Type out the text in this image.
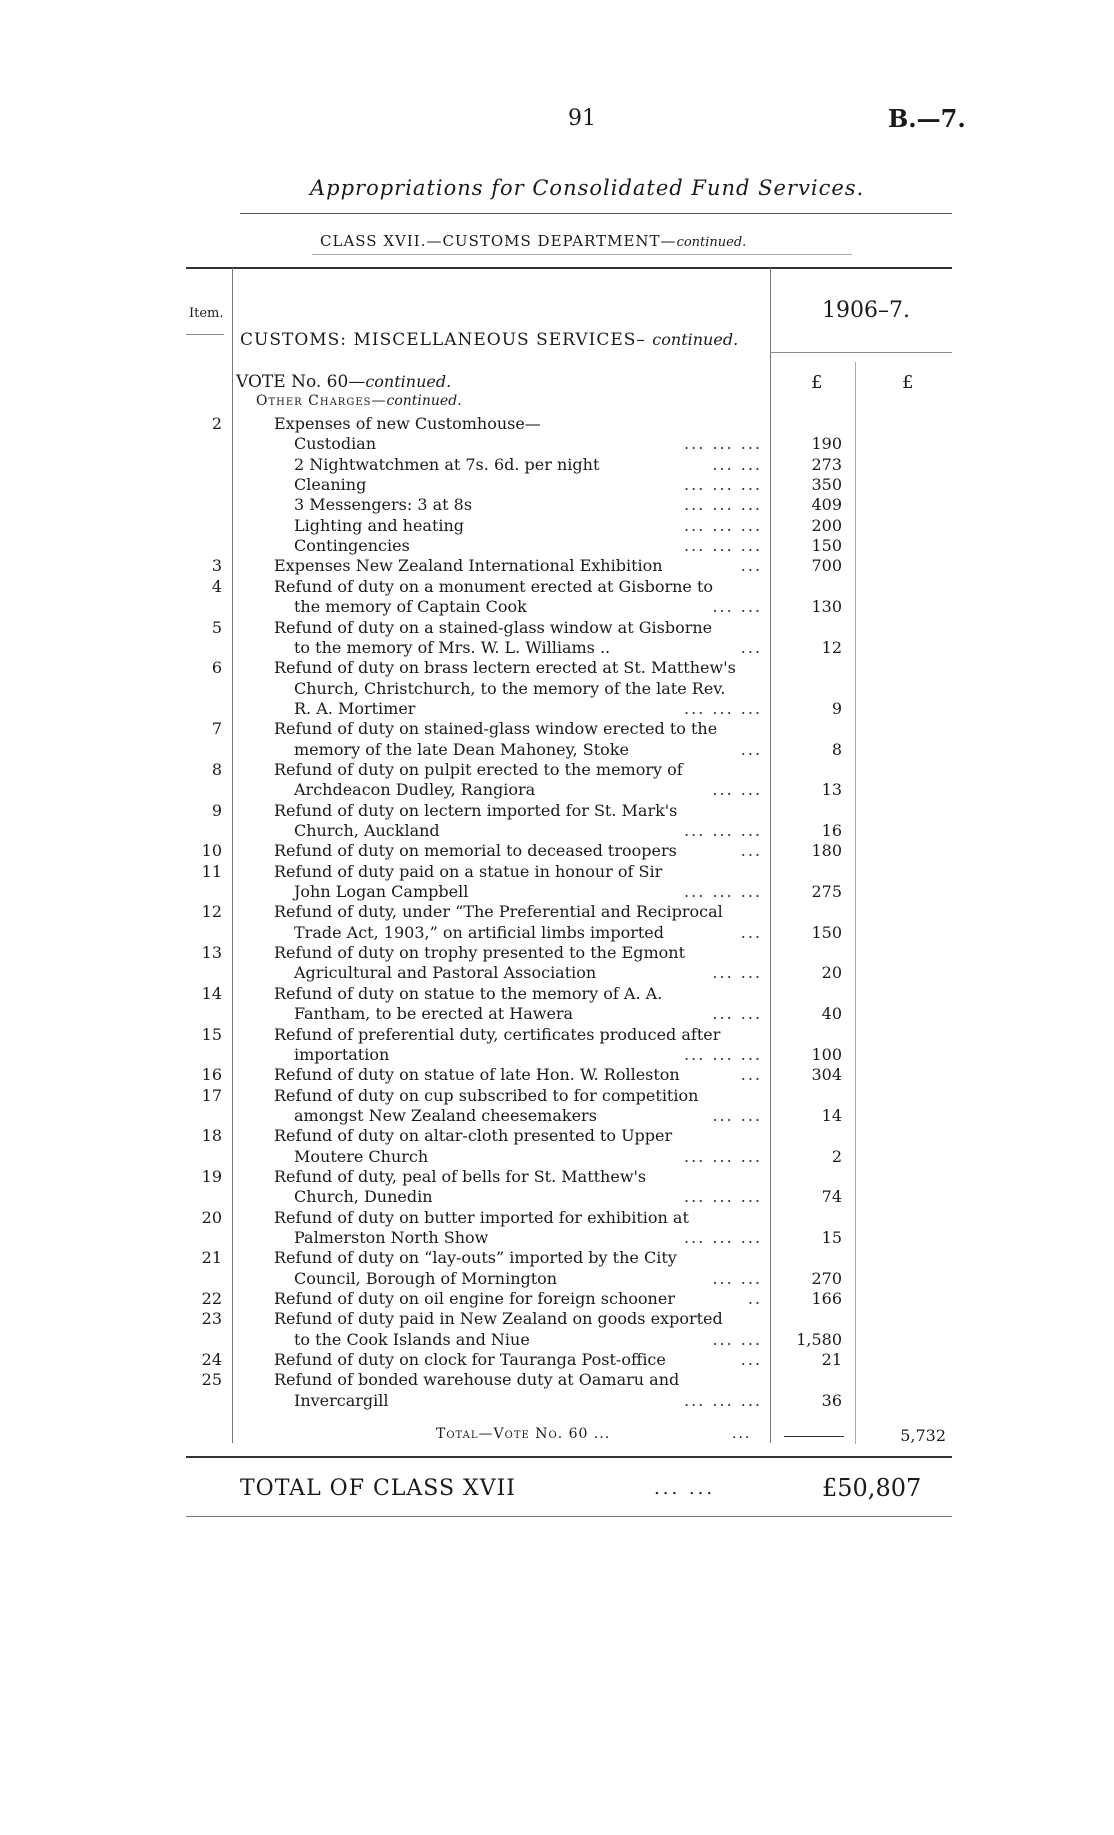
91	B.—7.
Appropriations for Consolidated Fund Services.
CLASS XVII.—CUSTOMS DEPARTMENT—continued.
Item.	1906–7.
CUSTOMS: MISCELLANEOUS SERVICES– continued.
VOTE No. 60—continued.	£	£
Other Charges—continued.
2	Expenses of new Customhouse—
Custodian	... ... ...	190
2 Nightwatchmen at 7s. 6d. per night	... ...	273
Cleaning	... ... ...	350
3 Messengers: 3 at 8s	... ... ...	409
Lighting and heating	... ... ...	200
Contingencies	... ... ...	150
3	Expenses New Zealand International Exhibition	...	700
4	Refund of duty on a monument erected at Gisborne to
the memory of Captain Cook	... ...	130
5	Refund of duty on a stained-glass window at Gisborne
to the memory of Mrs. W. L. Williams ..	...	12
6	Refund of duty on brass lectern erected at St. Matthew's
Church, Christchurch, to the memory of the late Rev.
R. A. Mortimer	... ... ...	9
7	Refund of duty on stained-glass window erected to the
memory of the late Dean Mahoney, Stoke	...	8
8	Refund of duty on pulpit erected to the memory of
Archdeacon Dudley, Rangiora	... ...	13
9	Refund of duty on lectern imported for St. Mark's
Church, Auckland	... ... ...	16
10	Refund of duty on memorial to deceased troopers	...	180
11	Refund of duty paid on a statue in honour of Sir
John Logan Campbell	... ... ...	275
12	Refund of duty, under “The Preferential and Reciprocal
Trade Act, 1903,” on artificial limbs imported	...	150
13	Refund of duty on trophy presented to the Egmont
Agricultural and Pastoral Association	... ...	20
14	Refund of duty on statue to the memory of A. A.
Fantham, to be erected at Hawera	... ...	40
15	Refund of preferential duty, certificates produced after
importation	... ... ...	100
16	Refund of duty on statue of late Hon. W. Rolleston	...	304
17	Refund of duty on cup subscribed to for competition
amongst New Zealand cheesemakers	... ...	14
18	Refund of duty on altar-cloth presented to Upper
Moutere Church	... ... ...	2
19	Refund of duty, peal of bells for St. Matthew's
Church, Dunedin	... ... ...	74
20	Refund of duty on butter imported for exhibition at
Palmerston North Show	... ... ...	15
21	Refund of duty on “lay-outs” imported by the City
Council, Borough of Mornington	... ...	270
22	Refund of duty on oil engine for foreign schooner	..	166
23	Refund of duty paid in New Zealand on goods exported
to the Cook Islands and Niue	... ...	1,580
24	Refund of duty on clock for Tauranga Post-office	...	21
25	Refund of bonded warehouse duty at Oamaru and
Invercargill	... ... ...	36
Total—Vote No. 60 ...	...	5,732
TOTAL OF CLASS XVII	... ...	£50,807
